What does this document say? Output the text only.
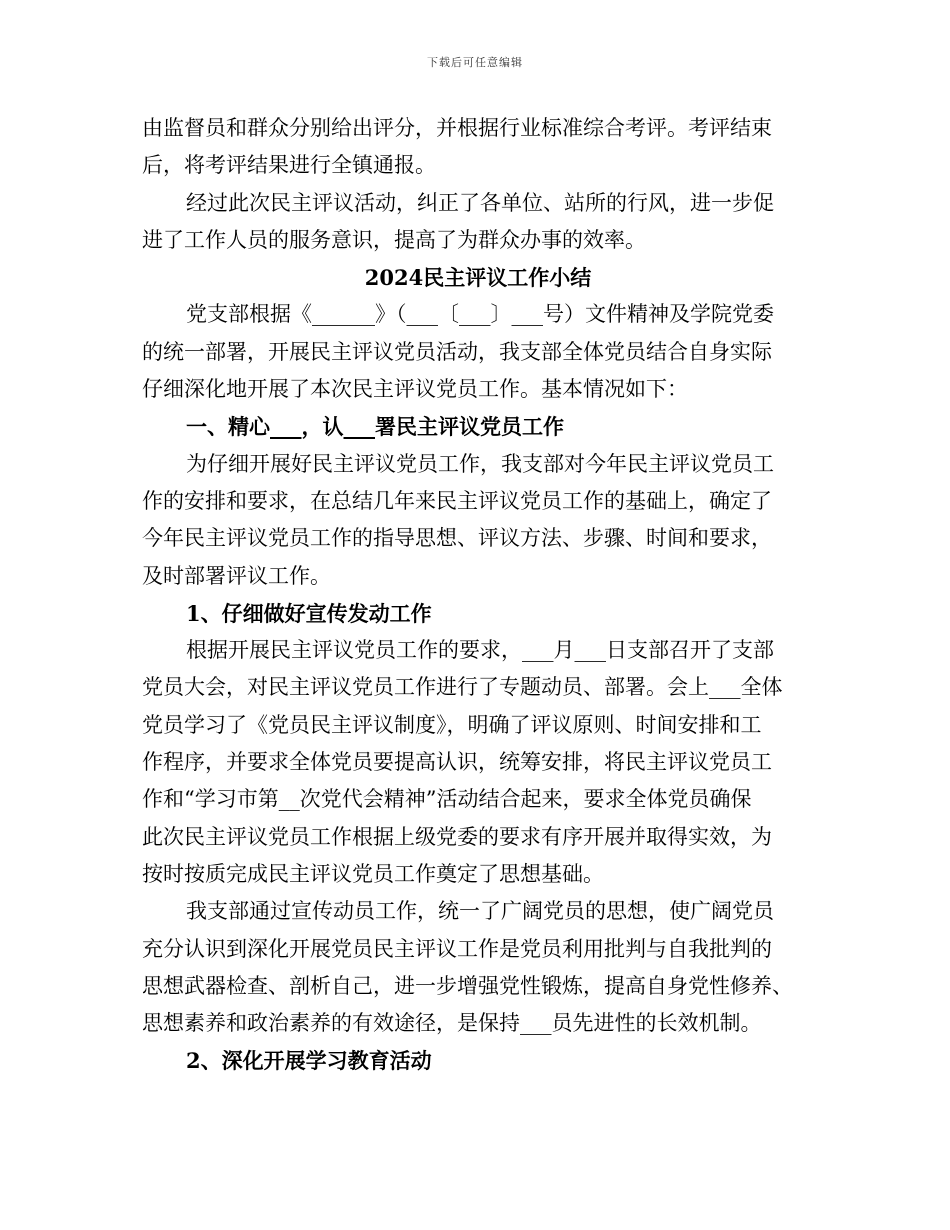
下载后可任意编辑

由监督员和群众分别给出评分，并根据行业标准综合考评。考评结束

后，将考评结果进行全镇通报。

经过此次民主评议活动，纠正了各单位、站所的行风，进一步促

进了工作人员的服务意识，提高了为群众办事的效率。

2024民主评议工作小结

党支部根据《______》（___〔___〕___号）文件精神及学院党委

的统一部署，开展民主评议党员活动，我支部全体党员结合自身实际

仔细深化地开展了本次民主评议党员工作。基本情况如下：

一、精心___，认___署民主评议党员工作

为仔细开展好民主评议党员工作，我支部对今年民主评议党员工

作的安排和要求，在总结几年来民主评议党员工作的基础上，确定了

今年民主评议党员工作的指导思想、评议方法、步骤、时间和要求，

及时部署评议工作。

1、仔细做好宣传发动工作

根据开展民主评议党员工作的要求，___月___日支部召开了支部

党员大会，对民主评议党员工作进行了专题动员、部署。会上___全体

党员学习了《党员民主评议制度》，明确了评议原则、时间安排和工

作程序，并要求全体党员要提高认识，统筹安排，将民主评议党员工

作和“学习市第__次党代会精神”活动结合起来，要求全体党员确保

此次民主评议党员工作根据上级党委的要求有序开展并取得实效，为

按时按质完成民主评议党员工作奠定了思想基础。

我支部通过宣传动员工作，统一了广阔党员的思想，使广阔党员

充分认识到深化开展党员民主评议工作是党员利用批判与自我批判的

思想武器检查、剖析自己，进一步增强党性锻炼，提高自身党性修养、

思想素养和政治素养的有效途径，是保持___员先进性的长效机制。

2、深化开展学习教育活动
